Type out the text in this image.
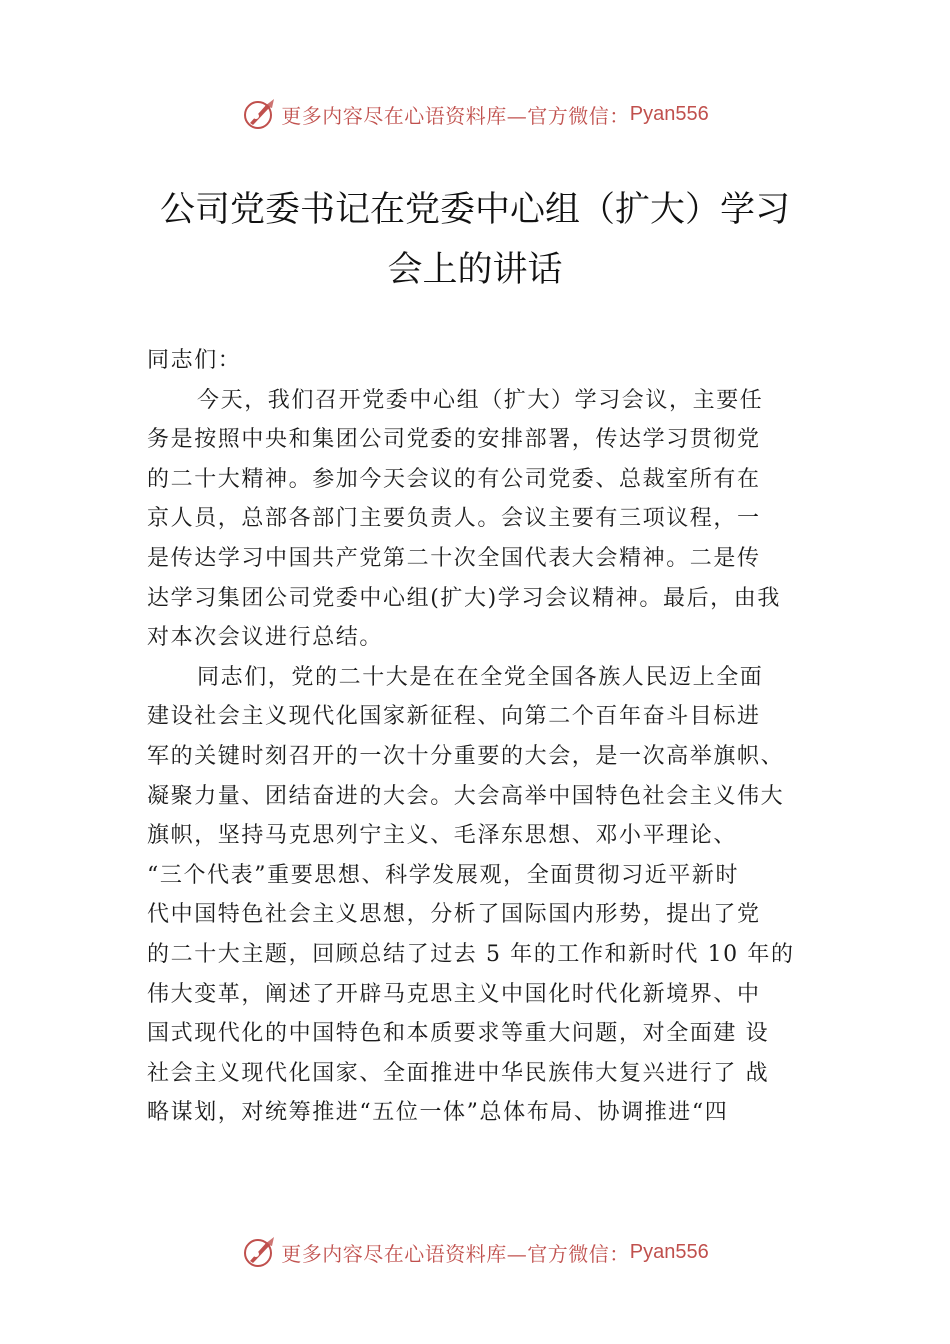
更多内容尽在心语资料库—官方微信： Pyan556
公司党委书记在党委中心组（扩大）学习
会上的讲话
同志们：
今天，我们召开党委中心组（扩大）学习会议，主要任
务是按照中央和集团公司党委的安排部署，传达学习贯彻党
的二十大精神。参加今天会议的有公司党委、总裁室所有在
京人员，总部各部门主要负责人。会议主要有三项议程，一
是传达学习中国共产党第二十次全国代表大会精神。二是传
达学习集团公司党委中心组(扩大)学习会议精神。最后，由我
对本次会议进行总结。
同志们，党的二十大是在在全党全国各族人民迈上全面
建设社会主义现代化国家新征程、向第二个百年奋斗目标进
军的关键时刻召开的一次十分重要的大会，是一次高举旗帜、
凝聚力量、团结奋进的大会。大会高举中国特色社会主义伟大
旗帜，坚持马克思列宁主义、毛泽东思想、邓小平理论、
“三个代表”重要思想、科学发展观，全面贯彻习近平新时
代中国特色社会主义思想，分析了国际国内形势，提出了党
的二十大主题，回顾总结了过去 5 年的工作和新时代 10 年的
伟大变革，阐述了开辟马克思主义中国化时代化新境界、中
国式现代化的中国特色和本质要求等重大问题，对全面建 设
社会主义现代化国家、全面推进中华民族伟大复兴进行了 战
略谋划，对统筹推进“五位一体”总体布局、协调推进“四
更多内容尽在心语资料库—官方微信： Pyan556
